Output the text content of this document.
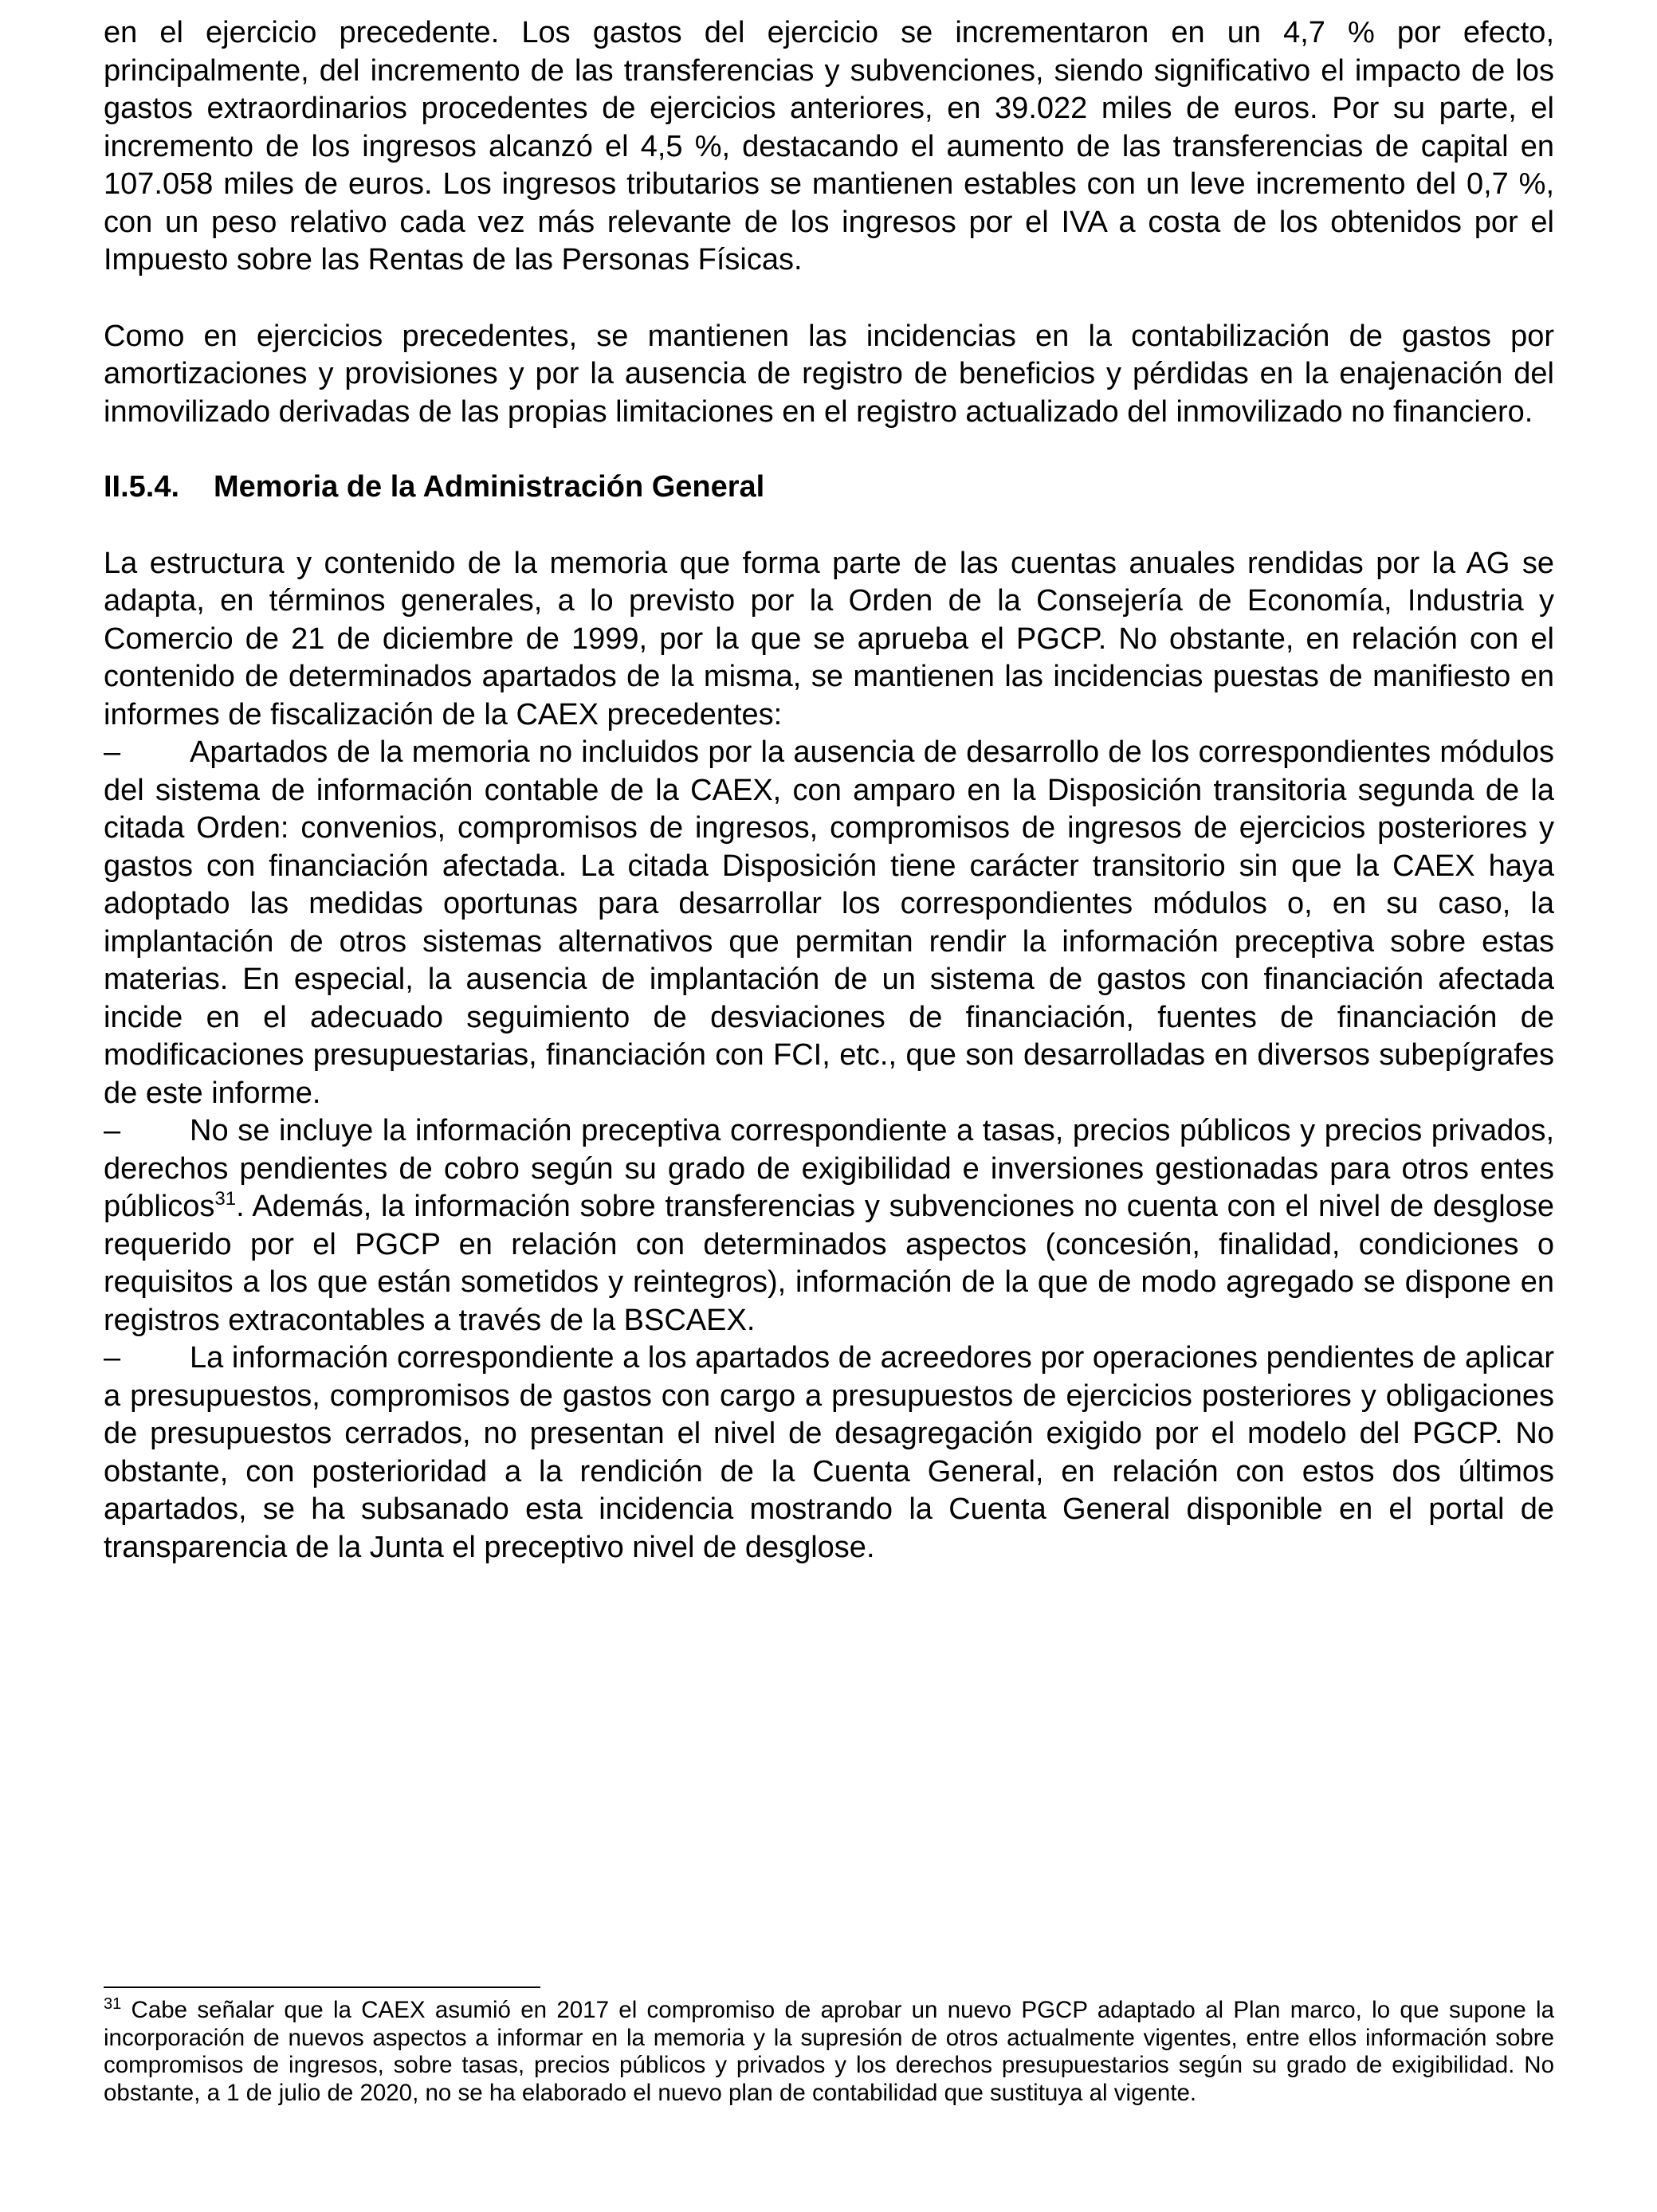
en el ejercicio precedente. Los gastos del ejercicio se incrementaron en un 4,7 % por efecto, principalmente, del incremento de las transferencias y subvenciones, siendo significativo el impacto de los gastos extraordinarios procedentes de ejercicios anteriores, en 39.022 miles de euros. Por su parte, el incremento de los ingresos alcanzó el 4,5 %, destacando el aumento de las transferencias de capital en 107.058 miles de euros. Los ingresos tributarios se mantienen estables con un leve incremento del 0,7 %, con un peso relativo cada vez más relevante de los ingresos por el IVA a costa de los obtenidos por el Impuesto sobre las Rentas de las Personas Físicas.

Como en ejercicios precedentes, se mantienen las incidencias en la contabilización de gastos por amortizaciones y provisiones y por la ausencia de registro de beneficios y pérdidas en la enajenación del inmovilizado derivadas de las propias limitaciones en el registro actualizado del inmovilizado no financiero.

II.5.4. Memoria de la Administración General

La estructura y contenido de la memoria que forma parte de las cuentas anuales rendidas por la AG se adapta, en términos generales, a lo previsto por la Orden de la Consejería de Economía, Industria y Comercio de 21 de diciembre de 1999, por la que se aprueba el PGCP. No obstante, en relación con el contenido de determinados apartados de la misma, se mantienen las incidencias puestas de manifiesto en informes de fiscalización de la CAEX precedentes:

– Apartados de la memoria no incluidos por la ausencia de desarrollo de los correspondientes módulos del sistema de información contable de la CAEX, con amparo en la Disposición transitoria segunda de la citada Orden: convenios, compromisos de ingresos, compromisos de ingresos de ejercicios posteriores y gastos con financiación afectada. La citada Disposición tiene carácter transitorio sin que la CAEX haya adoptado las medidas oportunas para desarrollar los correspondientes módulos o, en su caso, la implantación de otros sistemas alternativos que permitan rendir la información preceptiva sobre estas materias. En especial, la ausencia de implantación de un sistema de gastos con financiación afectada incide en el adecuado seguimiento de desviaciones de financiación, fuentes de financiación de modificaciones presupuestarias, financiación con FCI, etc., que son desarrolladas en diversos subepígrafes de este informe.

– No se incluye la información preceptiva correspondiente a tasas, precios públicos y precios privados, derechos pendientes de cobro según su grado de exigibilidad e inversiones gestionadas para otros entes públicos$^{31}$. Además, la información sobre transferencias y subvenciones no cuenta con el nivel de desglose requerido por el PGCP en relación con determinados aspectos (concesión, finalidad, condiciones o requisitos a los que están sometidos y reintegros), información de la que de modo agregado se dispone en registros extracontables a través de la BSCAEX.

– La información correspondiente a los apartados de acreedores por operaciones pendientes de aplicar a presupuestos, compromisos de gastos con cargo a presupuestos de ejercicios posteriores y obligaciones de presupuestos cerrados, no presentan el nivel de desagregación exigido por el modelo del PGCP. No obstante, con posterioridad a la rendición de la Cuenta General, en relación con estos dos últimos apartados, se ha subsanado esta incidencia mostrando la Cuenta General disponible en el portal de transparencia de la Junta el preceptivo nivel de desglose.

$^{31}$ Cabe señalar que la CAEX asumió en 2017 el compromiso de aprobar un nuevo PGCP adaptado al Plan marco, lo que supone la incorporación de nuevos aspectos a informar en la memoria y la supresión de otros actualmente vigentes, entre ellos información sobre compromisos de ingresos, sobre tasas, precios públicos y privados y los derechos presupuestarios según su grado de exigibilidad. No obstante, a 1 de julio de 2020, no se ha elaborado el nuevo plan de contabilidad que sustituya al vigente.
